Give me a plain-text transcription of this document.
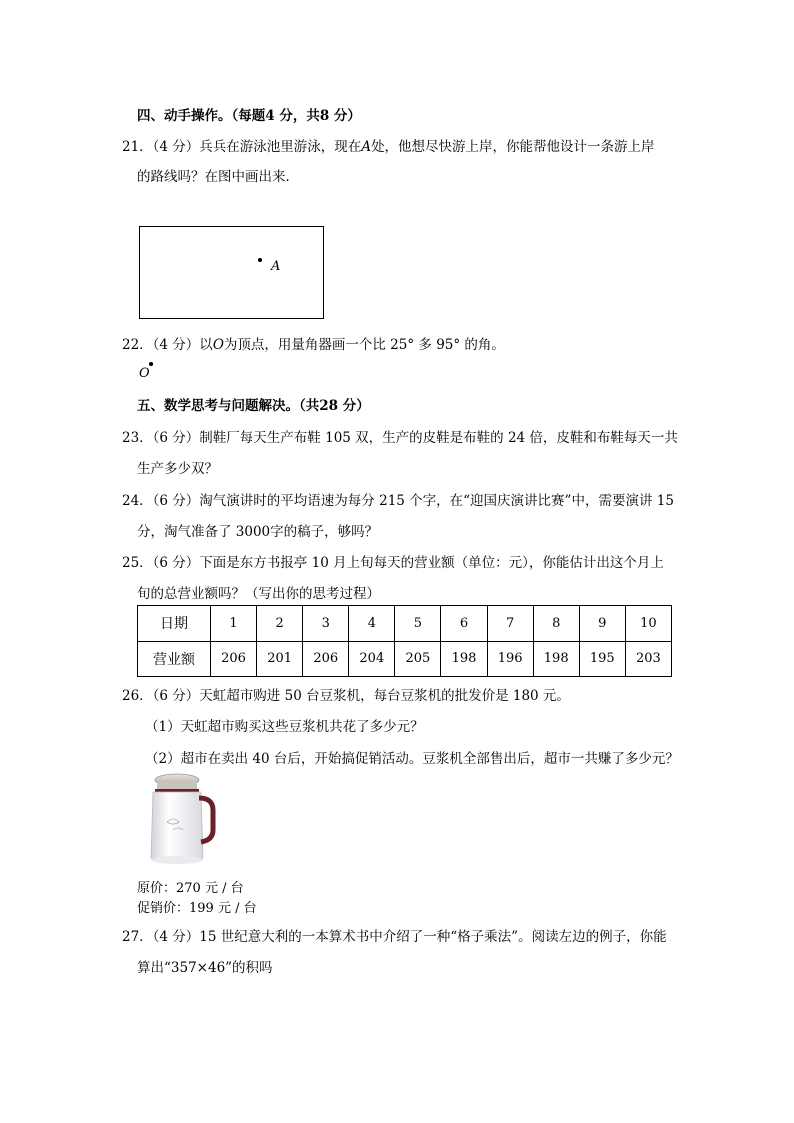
四、动手操作。（每题4 分，共8 分）
21．（4 分）兵兵在游泳池里游泳，现在A处，他想尽快游上岸，你能帮他设计一条游上岸
的路线吗？在图中画出来．
A
22．（4 分）以O为顶点，用量角器画一个比 25° 多 95° 的角。
O
五、数学思考与问题解决。（共28 分）
23．（6 分）制鞋厂每天生产布鞋 105 双，生产的皮鞋是布鞋的 24 倍，皮鞋和布鞋每天一共
生产多少双？
24．（6 分）淘气演讲时的平均语速为每分 215 个字，在“迎国庆演讲比赛”中，需要演讲 15
分，淘气准备了 3000字的稿子，够吗？
25．（6 分）下面是东方书报亭 10 月上旬每天的营业额（单位：元），你能估计出这个月上
旬的总营业额吗？（写出你的思考过程）
日期	1	2	3	4	5	6	7	8	9	10
营业额	206	201	206	204	205	198	196	198	195	203
26．（6 分）天虹超市购进 50 台豆浆机，每台豆浆机的批发价是 180 元。
（1）天虹超市购买这些豆浆机共花了多少元？
（2）超市在卖出 40 台后，开始搞促销活动。豆浆机全部售出后，超市一共赚了多少元？
原价：270 元 / 台
促销价：199 元 / 台
27．（4 分）15 世纪意大利的一本算术书中介绍了一种“格子乘法”。阅读左边的例子，你能
算出“357×46”的积吗
